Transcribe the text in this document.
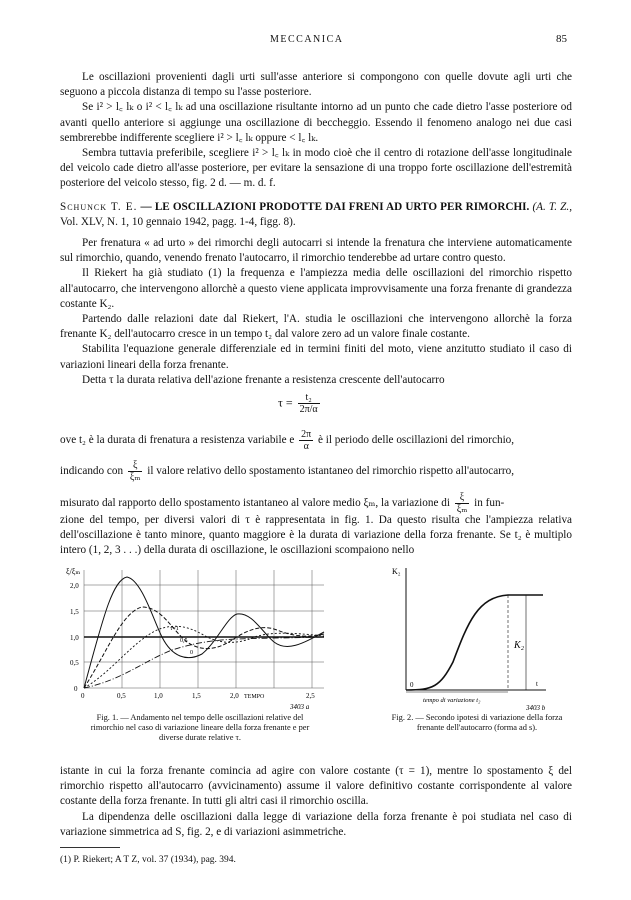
MECCANICA	85

Le oscillazioni provenienti dagli urti sull'asse anteriore si compongono con quelle dovute agli urti che seguono a piccola distanza di tempo su l'asse posteriore.

Se i² > l꜀ lₖ o i² < l꜀ lₖ ad una oscillazione risultante intorno ad un punto che cade dietro l'asse posteriore od avanti quello anteriore si aggiunge una oscillazione di beccheggio. Essendo il fenomeno analogo nei due casi sembrerebbe indifferente scegliere i² > l꜀ lₖ oppure < l꜀ lₖ.

Sembra tuttavia preferibile, scegliere i² > l꜀ lₖ in modo cioè che il centro di rotazione dell'asse longitudinale del veicolo cade dietro all'asse posteriore, per evitare la sensazione di una troppo forte oscillazione dell'estremità posteriore del veicolo stesso, fig. 2 d. — m. d. f.

Schunck T. E. — LE OSCILLAZIONI PRODOTTE DAI FRENI AD URTO PER RIMORCHI. (A. T. Z., Vol. XLV, N. 1, 10 gennaio 1942, pagg. 1-4, figg. 8).

Per frenatura « ad urto » dei rimorchi degli autocarri si intende la frenatura che interviene automaticamente sul rimorchio, quando, venendo frenato l'autocarro, il rimorchio tenderebbe ad urtare contro questo.

Il Riekert ha già studiato (1) la frequenza e l'ampiezza media delle oscillazioni del rimorchio rispetto all'autocarro, che intervengono allorchè a questo viene applicata improvvisamente una forza frenante di grandezza costante K₂.

Partendo dalle relazioni date dal Riekert, l'A. studia le oscillazioni che intervengono allorchè la forza frenante K₂ dell'autocarro cresce in un tempo t₂ dal valore zero ad un valore finale costante.

Stabilita l'equazione generale differenziale ed in termini finiti del moto, viene anzitutto studiato il caso di variazioni lineari della forza frenante.

Detta τ la durata relativa dell'azione frenante a resistenza crescente dell'autocarro

$\tau = \frac{\text{t₂}}{2\pi/\alpha}$

ove t₂ è la durata di frenatura a resistenza variabile e $\frac{2\pi}{\alpha}$ è il periodo delle oscillazioni del rimorchio,

indicando con $\frac{\xi}{\text{ξₘ}}$ il valore relativo dello spostamento istantaneo del rimorchio rispetto all'autocarro,

misurato dal rapporto dello spostamento istantaneo al valore medio ξₘ, la variazione di $\frac{\xi}{\text{ξₘ}}$ in fun-

zione del tempo, per diversi valori di τ è rappresentata in fig. 1. Da questo risulta che l'ampiezza relativa dell'oscillazione è tanto minore, quanto maggiore è la durata di variazione della forza frenante. Se t₂ è multiplo intero (1, 2, 3 . . .) della durata di oscillazione, le oscillazioni scompaiono nello

ξ/ξₘ
2,0
1,5
1,0
0,5
0
0	0,5	1,0	1,5	2,0 TEMPO	2,5
τ=1
0,5
0
3403 a
Fig. 1. — Andamento nel tempo delle oscillazioni relative del rimorchio nel caso di variazione lineare della forza frenante e per diverse durate relative τ.
K₂
K₂
0	t
tempo di variazione t₂
3403 b
Fig. 2. — Secondo ipotesi di variazione della forza frenante dell'autocarro (forma ad s).

istante in cui la forza frenante comincia ad agire con valore costante (τ = 1), mentre lo spostamento ξ del rimorchio rispetto all'autocarro (avvicinamento) assume il valore definitivo costante corrispondente al valore costante della forza frenante. In tutti gli altri casi il rimorchio oscilla.

La dipendenza delle oscillazioni dalla legge di variazione della forza frenante è poi studiata nel caso di variazione simmetrica ad S, fig. 2, e di variazioni asimmetriche.

(1) P. Riekert; A T Z, vol. 37 (1934), pag. 394.
